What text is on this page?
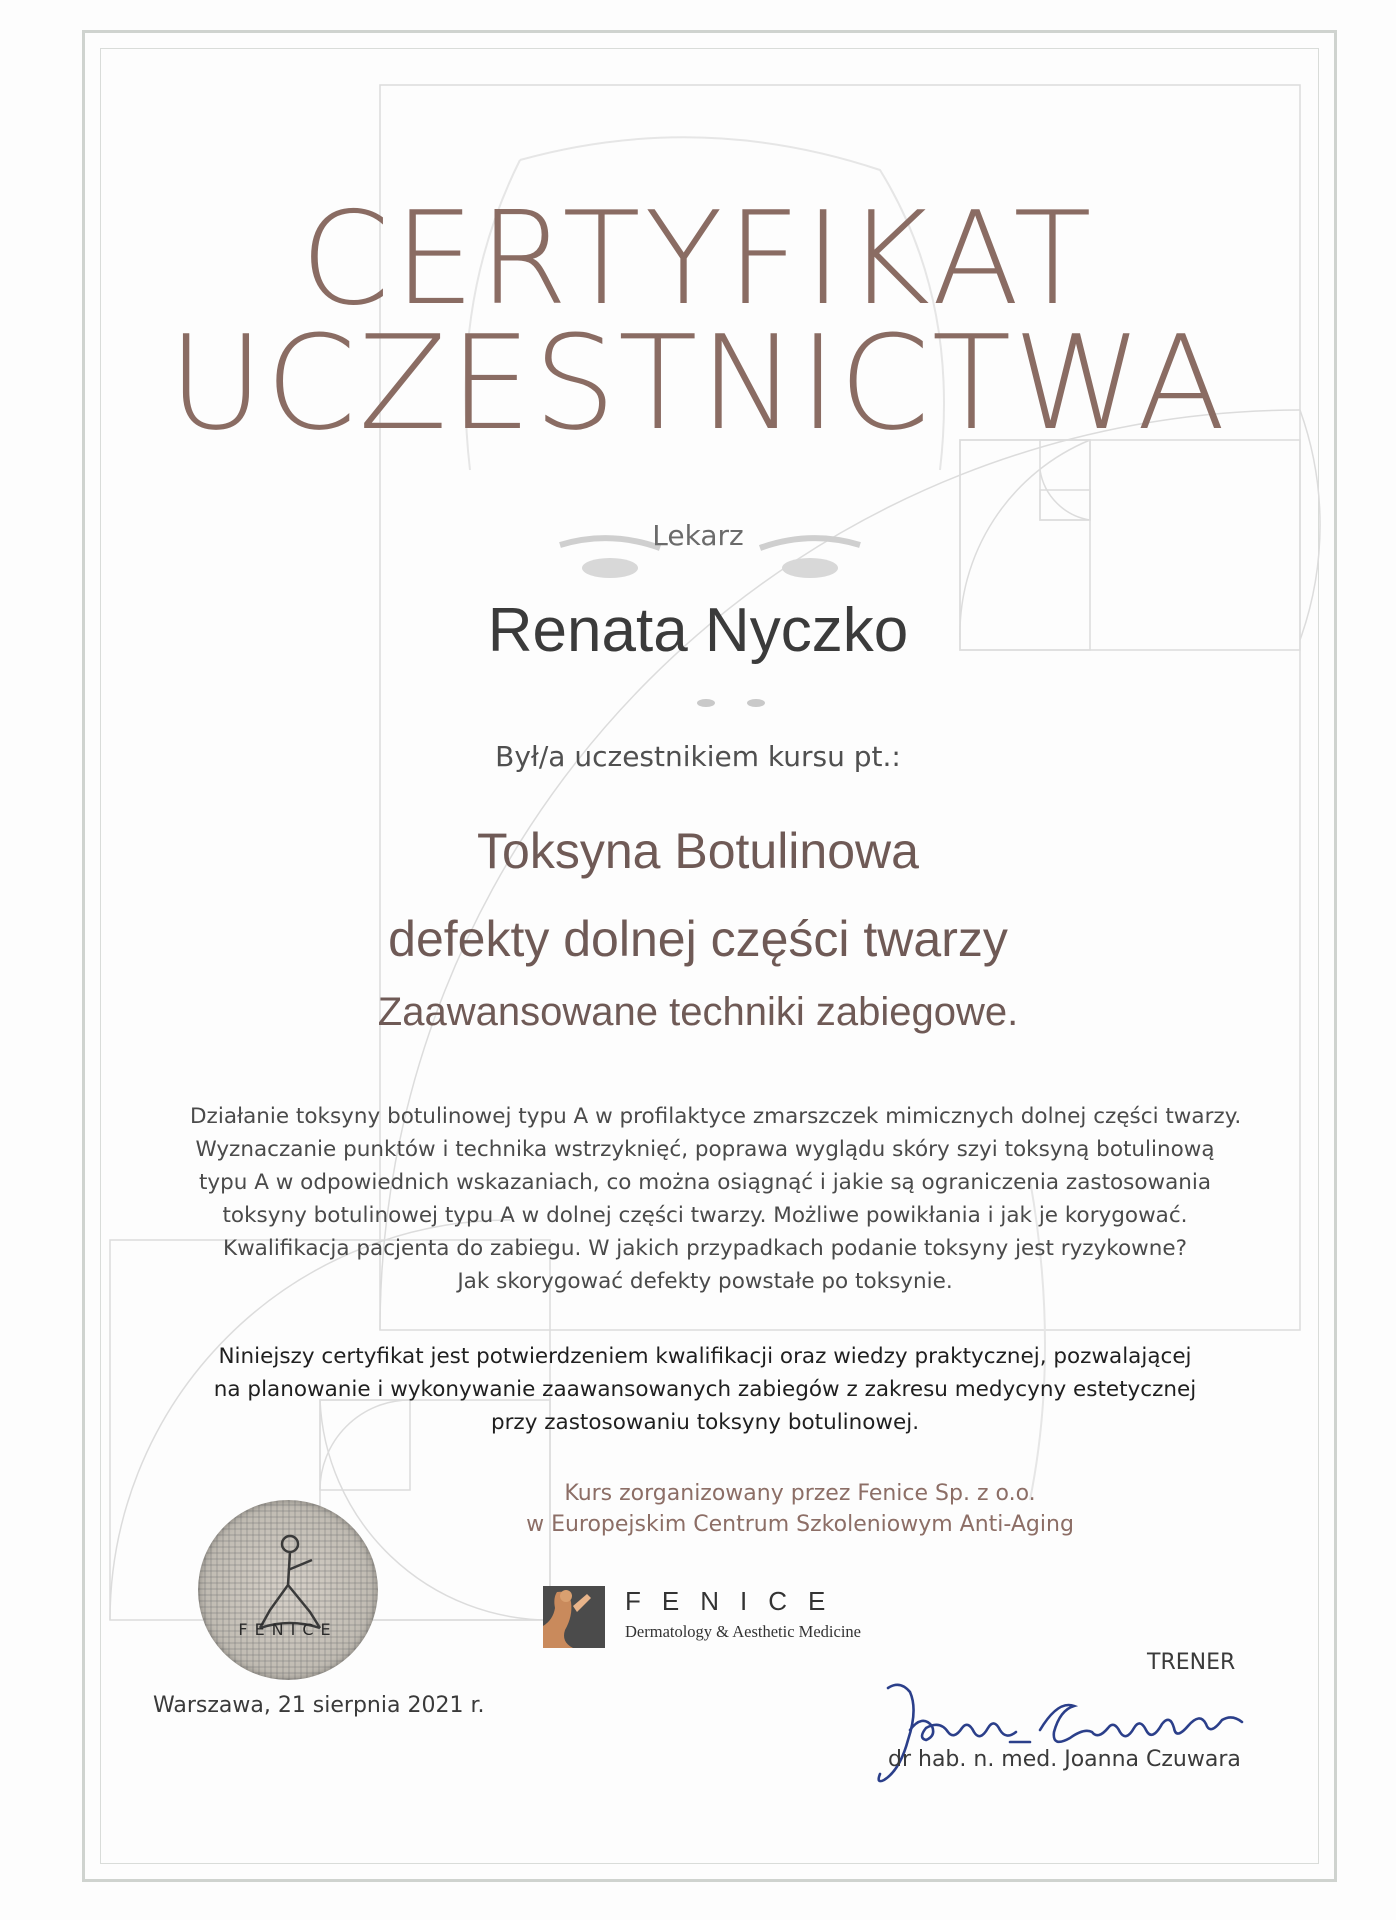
CERTYFIKAT
UCZESTNICTWA
Lekarz
Renata Nyczko
Był/a uczestnikiem kursu pt.:
Toksyna Botulinowa
defekty dolnej części twarzy
Zaawansowane techniki zabiegowe.
Działanie toksyny botulinowej typu A w profilaktyce zmarszczek mimicznych dolnej części twarzy.
Wyznaczanie punktów i technika wstrzyknięć, poprawa wyglądu skóry szyi toksyną botulinową
typu A w odpowiednich wskazaniach, co można osiągnąć i jakie są ograniczenia zastosowania
toksyny botulinowej typu A w dolnej części twarzy. Możliwe powikłania i jak je korygować.
Kwalifikacja pacjenta do zabiegu. W jakich przypadkach podanie toksyny jest ryzykowne?
Jak skorygować defekty powstałe po toksynie.
Niniejszy certyfikat jest potwierdzeniem kwalifikacji oraz wiedzy praktycznej, pozwalającej
na planowanie i wykonywanie zaawansowanych zabiegów z zakresu medycyny estetycznej
przy zastosowaniu toksyny botulinowej.
Kurs zorganizowany przez Fenice Sp. z o.o.
w Europejskim Centrum Szkoleniowym Anti-Aging
FENICE
FENICE
Dermatology & Aesthetic Medicine
TRENER
Warszawa, 21 sierpnia 2021 r.
dr hab. n. med. Joanna Czuwara
